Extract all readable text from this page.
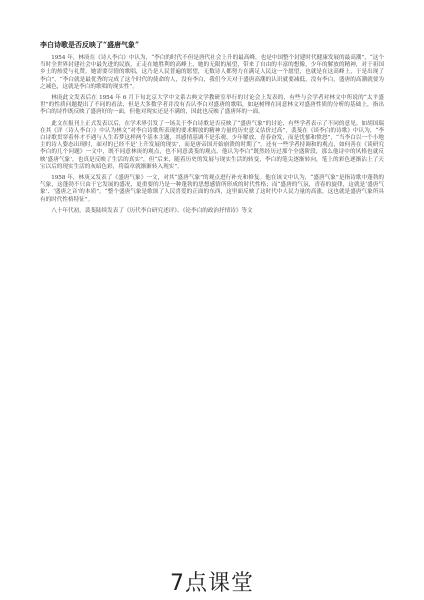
李白诗歌是否反映了“盛唐气象”

1954 年，林庚在《诗人李白》中认为，“李白的时代不但是唐代社会上升的最高峰，也是中国整个封建时代健康发展的最高潮”，“这个当时全世界封建社会中最先进的民族，正走在她胜利的高峰上，她的无限的展望，带来了自由的丰富的想像，少年的解放的精神，对于祖国乡土的热爱与礼赞，她需要尽情的歌唱，这乃是人民普遍的愿望，无数诗人都努力在满足人民这一个愿望，也就是在这高峰上，于是出现了李白”，“李白就是最优秀的完成了这个时代的使命的人，没有李白，我们今天对于盛唐高潮的认识就要减低，没有李白，盛唐的高潮就要为之减色，这就是李白的歌唱的现实性”。

林庚此文发表后在 1954 年 6 月下旬北京大学中文系古典文学教研室举行的讨论会上发表的，有些与会学者对林文中所说的“太平盛世”的性质问题提出了不同的看法，但是大多数学者并没有否认李白对盛唐的歌唱，如赵树理在同意林文对盛唐性质的分析的基础上，指出李白的诗作既反映了盛唐好的一面，但他对现实还是不满的，因此也反映了盛唐坏的一面。

此文在报刊上正式发表以后，在学术界引发了一场关于李白诗歌是否反映了“盛唐气象”的讨论，有些学者表示了不同的意见。如胡国瑞在其《评〈诗人李白〉》中认为林文“对李白诗歌所表现的要求解放的精神力量的历史意义估价过高”，裴斐在《谈李白的诗歌》中认为，“李白诗歌贯穿着怀才不遇与人生若梦这样两个基本主题，其感情基调不是乐观、少年解放、青春奋发，而是忧郁和愤怒”，“当李白以一个小地主的诗人姿态出现时，面对的已经不是‘上升发展的现实’，而是唐帝国开始崩溃的时期了”。还有一些学者持调和的观点，如何善在《谈研究李白的几个问题》一文中，既不同意林庚的观点，也不同意裴斐的观点。他认为李白“既然经历过那个全盛阶段，那么他诗中的风格也就反映‘盛唐气象’，也真是反映了生活的真实”，但“后来，随着历史的发展与现实生活的转变，李白的笔尖逐渐转向，笔上的彩色逐渐沾上了天宝以后的现实生活的灰暗色彩，将篇章就渐渐转入现实”。

1958 年，林庚又发表了《盛唐气象》一文，对其“盛唐气象”的观点进行补充和修复。他在该文中认为，“盛唐气象”是指诗歌中蓬勃的气象，这蓬勃不只由于它发展的盛况，更重要的乃是一种蓬勃的思想感情所形成的时代性格；而“盛唐的气氛，青春的旋律，这就是‘盛唐气象’、‘盛唐之音’的本质”，“整个盛唐气象是歌颂了人民喜爱的正面的东西，这里面反映了这时代中人民力量的高涨，这也就是盛唐气象所具有的时代性格特征”。

八十年代初，裴斐陆续发表了《历代李白研究述评》、《论李白的政治抒情诗》等文

7点课堂
